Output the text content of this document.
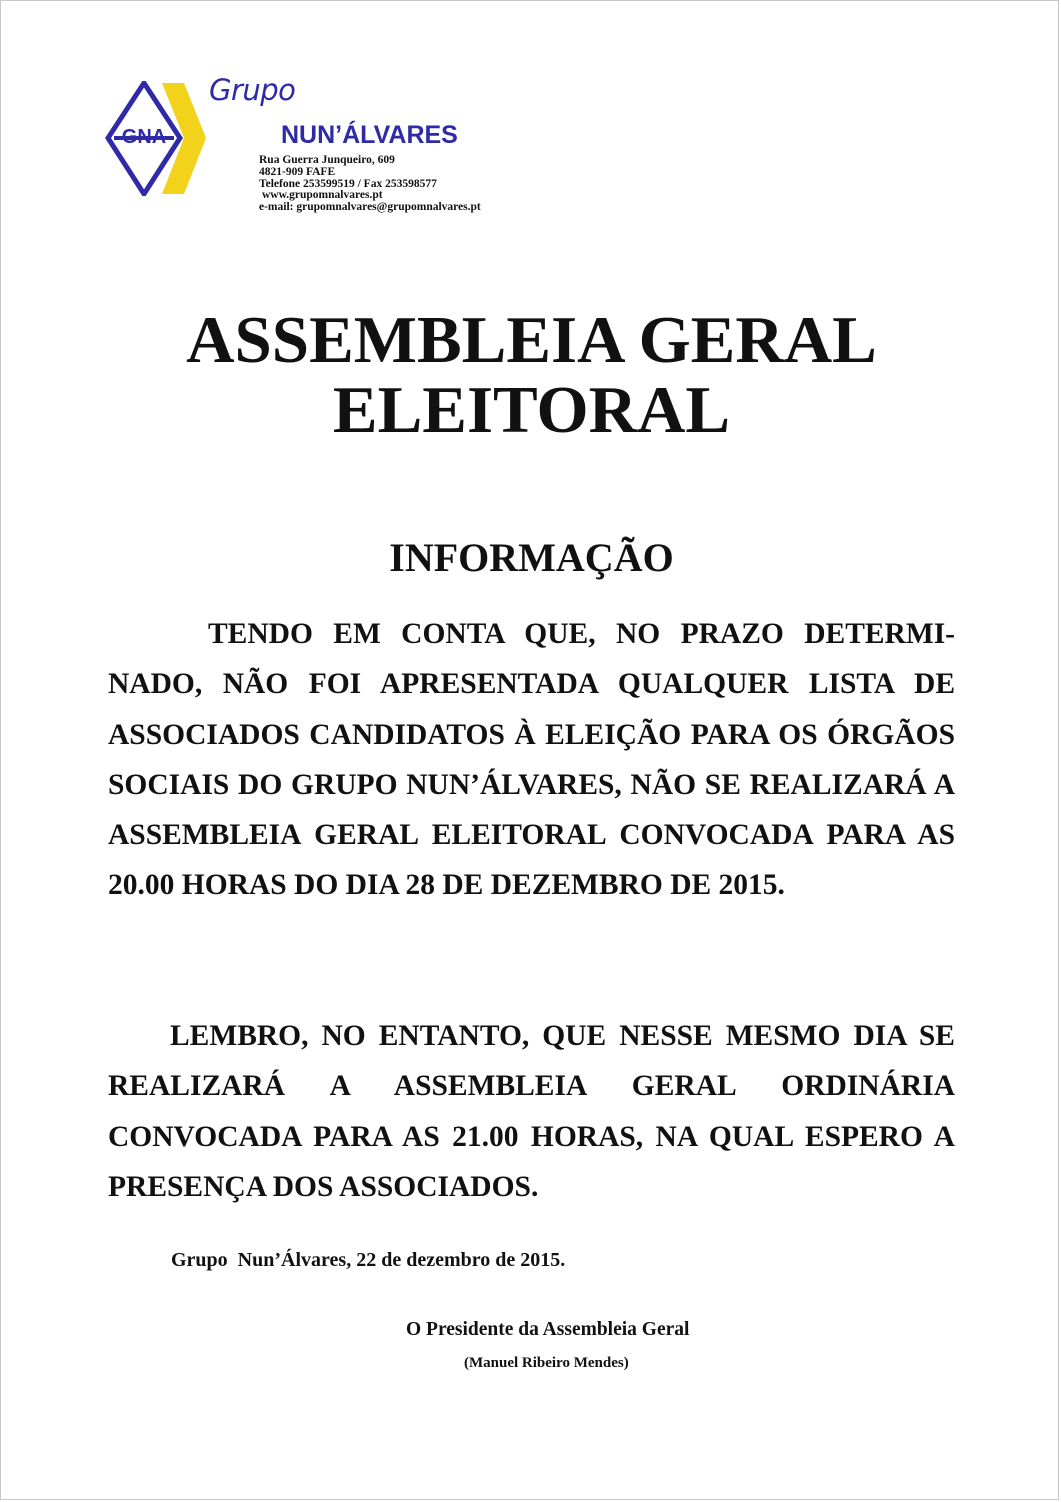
GNA
Grupo
NUN’ÁLVARES
Rua Guerra Junqueiro, 609
4821-909 FAFE
Telefone 253599519 / Fax 253598577
www.grupomnalvares.pt
e-mail: grupomnalvares@grupomnalvares.pt
ASSEMBLEIA GERAL
ELEITORAL
INFORMAÇÃO

TENDO EM CONTA QUE, NO PRAZO DETERMINADO, NÃO FOI APRESENTADA QUALQUER LISTA DE ASSOCIADOS CANDIDATOS À ELEIÇÃO PARA OS ÓRGÃOS SOCIAIS DO GRUPO NUN’ÁLVARES, NÃO SE REALIZARÁ A ASSEMBLEIA GERAL ELEITORAL CONVOCADA PARA AS 20.00 HORAS DO DIA 28 DE DEZEMBRO DE 2015.

LEMBRO, NO ENTANTO, QUE NESSE MESMO DIA SE REALIZARÁ A ASSEMBLEIA GERAL ORDINÁRIA CONVOCADA PARA AS 21.00 HORAS, NA QUAL ESPERO A PRESENÇA DOS ASSOCIADOS.

Grupo  Nun’Álvares, 22 de dezembro de 2015.
O Presidente da Assembleia Geral
(Manuel Ribeiro Mendes)
